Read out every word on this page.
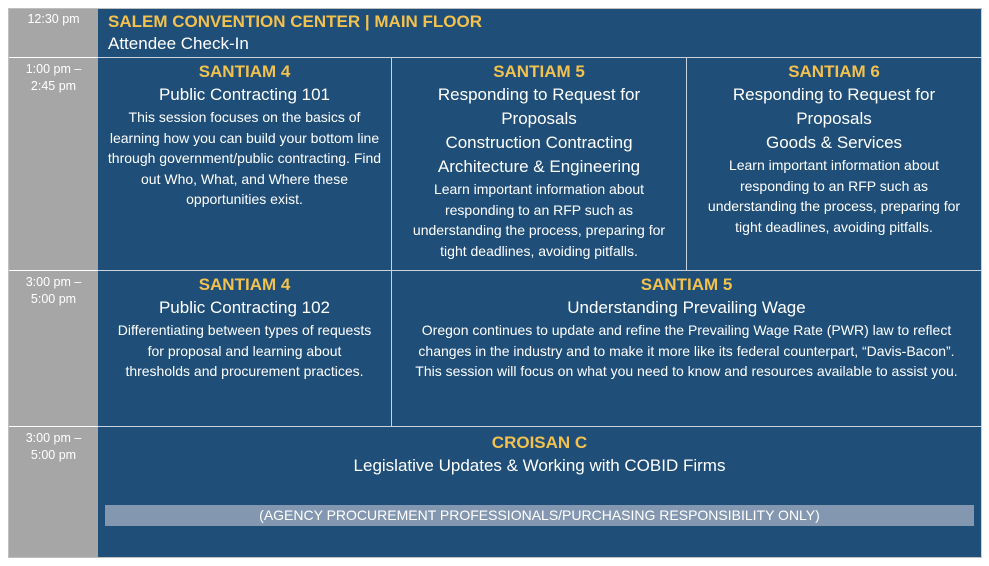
12:30 pm	SALEM CONVENTION CENTER | MAIN FLOOR
Attendee Check-In
1:00 pm –
2:45 pm
SANTIAM 4
Public Contracting 101
This session focuses on the basics of learning how you can build your bottom line through government/public contracting. Find out Who, What, and Where these opportunities exist.
SANTIAM 5
Responding to Request for Proposals
Construction Contracting
Architecture & Engineering
Learn important information about responding to an RFP such as understanding the process, preparing for tight deadlines, avoiding pitfalls.
SANTIAM 6
Responding to Request for Proposals
Goods & Services
Learn important information about responding to an RFP such as understanding the process, preparing for tight deadlines, avoiding pitfalls.
3:00 pm –
5:00 pm
SANTIAM 4
Public Contracting 102
Differentiating between types of requests for proposal and learning about thresholds and procurement practices.
SANTIAM 5
Understanding Prevailing Wage
Oregon continues to update and refine the Prevailing Wage Rate (PWR) law to reflect changes in the industry and to make it more like its federal counterpart, “Davis-Bacon”. This session will focus on what you need to know and resources available to assist you.
3:00 pm –
5:00 pm
CROISAN C
Legislative Updates & Working with COBID Firms
(AGENCY PROCUREMENT PROFESSIONALS/PURCHASING RESPONSIBILITY ONLY)
